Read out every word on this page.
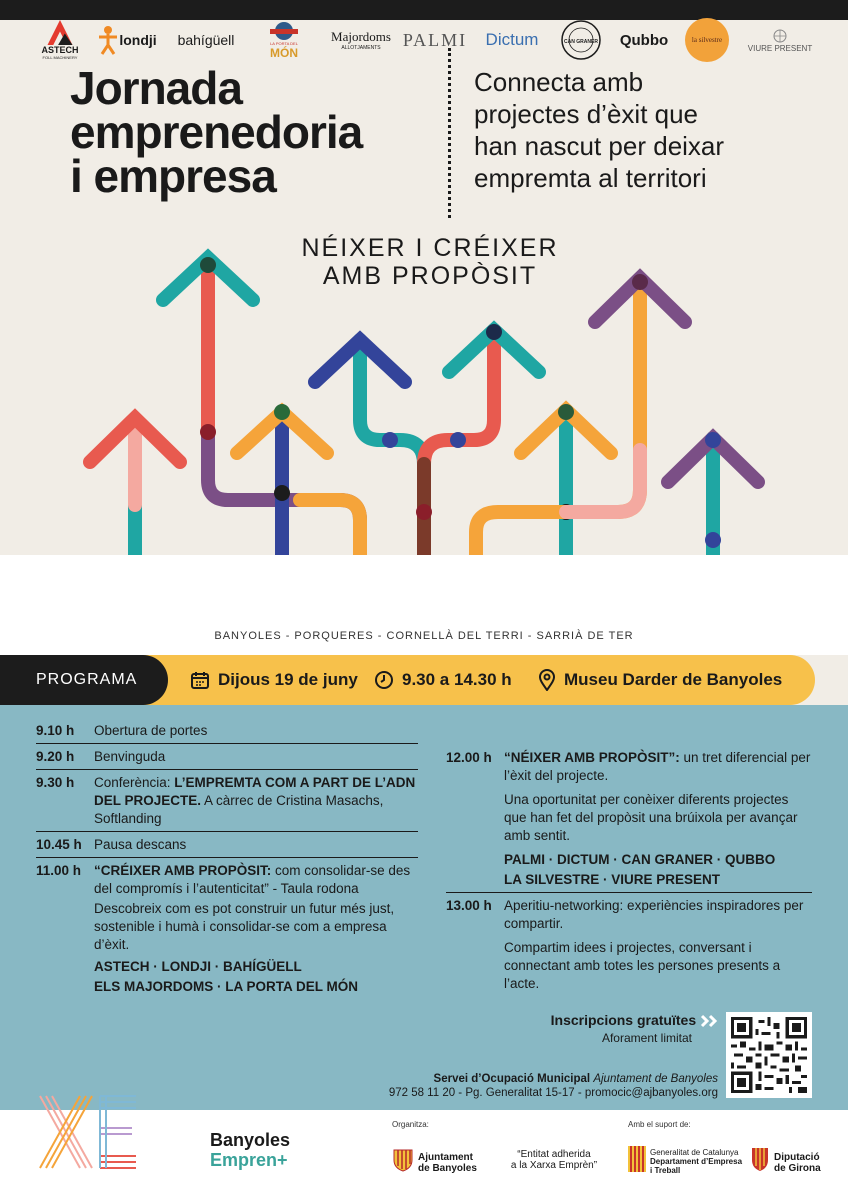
Jornada
emprenedoria
i empresa
Connecta amb
projectes d’èxit que
han nascut per deixar
empremta al territori
NÉIXER I CRÉIXER
AMB PROPÒSIT
ASTECH
FOLL MACHINERY
londji bahígüell	LA PORTA DEL
MÓN
Majordoms
ALLOTJAMENTS PALMI Dictum	CAN GRANER Qubbo	la silvestre
VIURE PRESENT
BANYOLES - PORQUERES - CORNELLÀ DEL TERRI - SARRIÀ DE TER
PROGRAMA	Dijous 19 de juny	9.30 a 14.30 h	Museu Darder de Banyoles
9.10 h	Obertura de portes
9.20 h	Benvinguda
9.30 h	Conferència: L’EMPREMTA COM A PART DE L’ADN DEL PROJECTE. A càrrec de Cristina Masachs, Softlanding
10.45 h Pausa descans
11.00 h “CRÉIXER AMB PROPÒSIT: com consolidar-se des del compromís i l’autenticitat” - Taula rodona

Descobreix com es pot construir un futur més just, sostenible i humà i consolidar-se com a empresa d’èxit.

ASTECH · LONDJI · BAHÍGÜELL
ELS MAJORDOMS · LA PORTA DEL MÓN
12.00 h “NÉIXER AMB PROPÒSIT”: un tret diferencial per l’èxit del projecte.

Una oportunitat per conèixer diferents projectes que han fet del propòsit una brúixola per avançar amb sentit.

PALMI · DICTUM · CAN GRANER · QUBBO
LA SILVESTRE · VIURE PRESENT
13.00 h Aperitiu-networking: experiències inspiradores per compartir.

Compartim idees i projectes, conversant i connectant amb totes les persones presents a l’acte.

Inscripcions gratuïtes
Aforament limitat
Servei d’Ocupació Municipal Ajuntament de Banyoles
972 58 11 20 - Pg. Generalitat 15-17 - promocic@ajbanyoles.org
Banyoles
Empren+
Organitza:
Ajuntament
de Banyoles
“Entitat adherida
a la Xarxa Emprèn”
Amb el suport de:
Generalitat de Catalunya
Departament d’Empresa
i Treball
Diputació
de Girona
